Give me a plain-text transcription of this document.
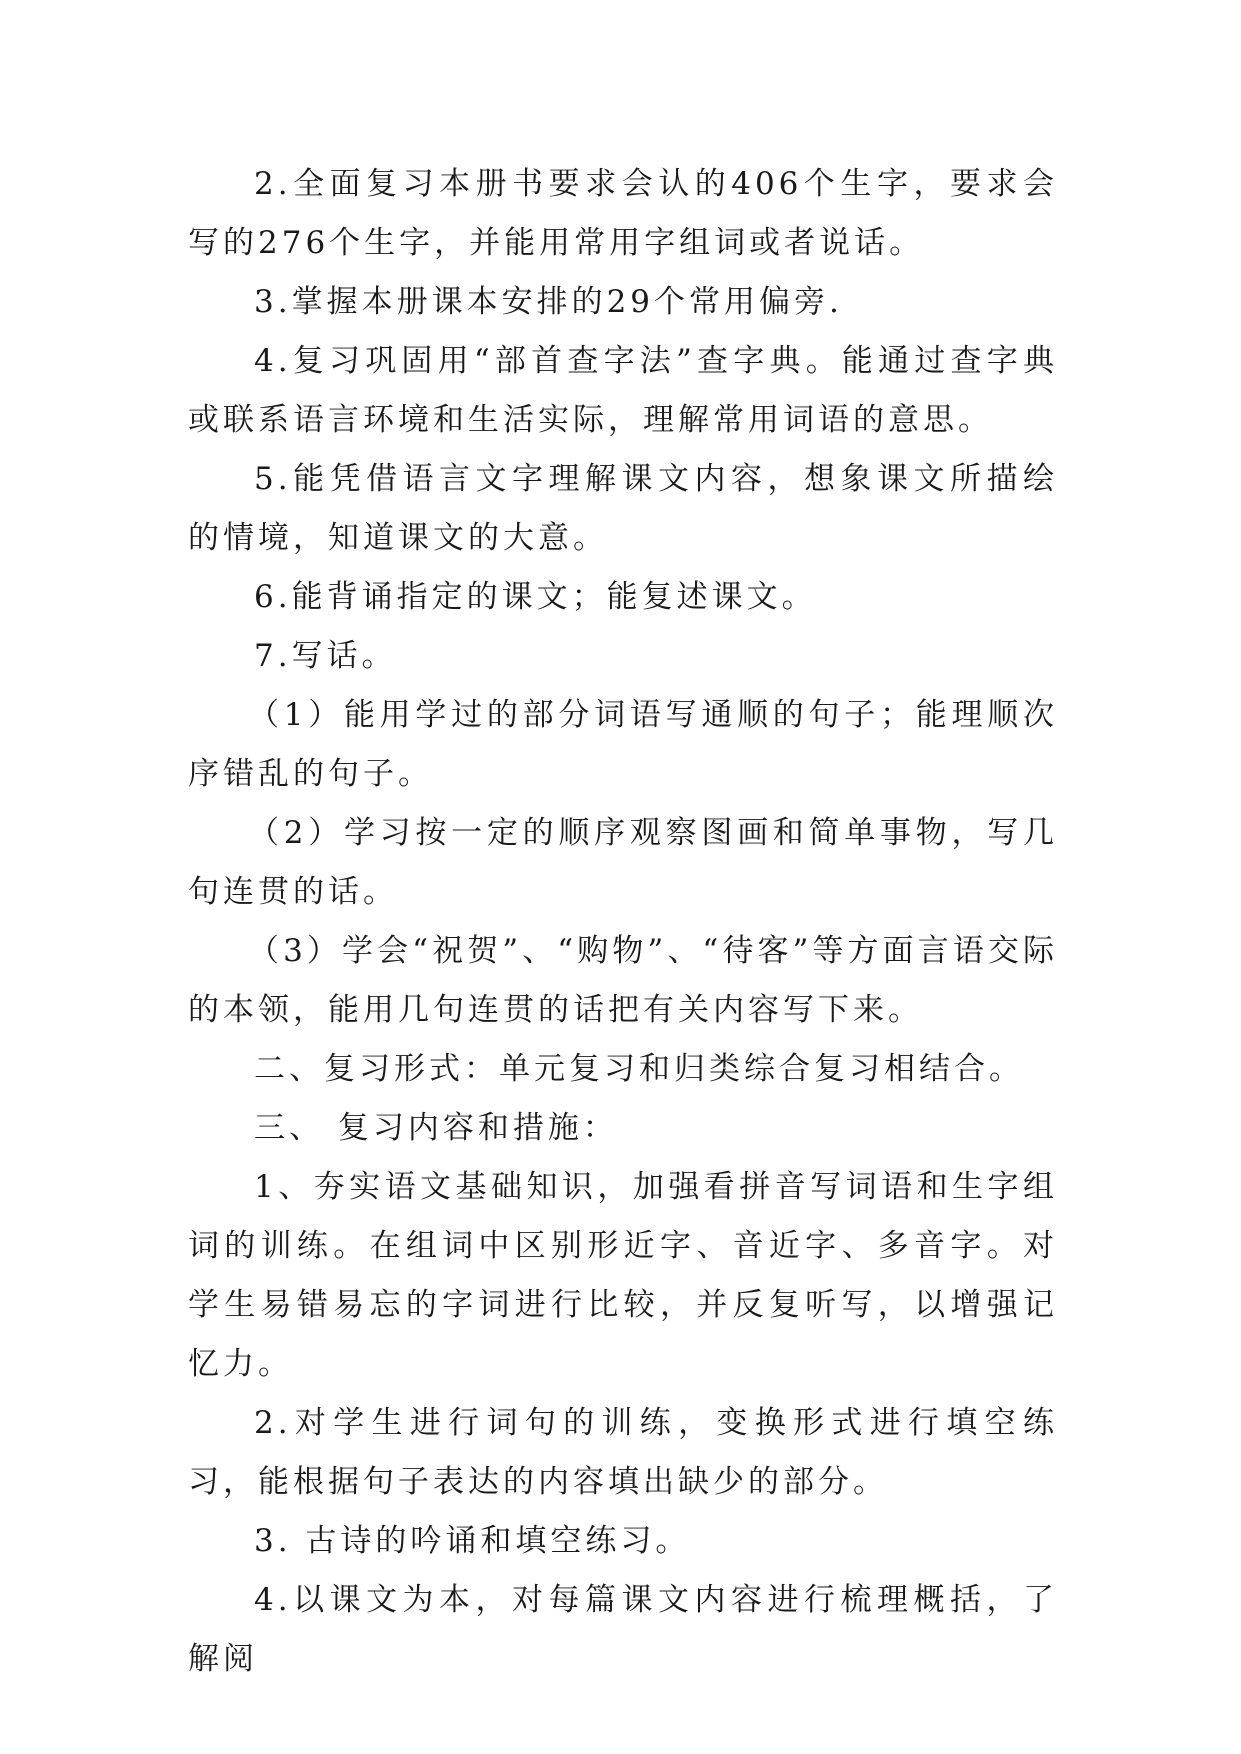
2.全面复习本册书要求会认的406个生字，要求会写的276个生字，并能用常用字组词或者说话。

3.掌握本册课本安排的29个常用偏旁.

4.复习巩固用“部首查字法”查字典。能通过查字典或联系语言环境和生活实际，理解常用词语的意思。

5.能凭借语言文字理解课文内容，想象课文所描绘的情境，知道课文的大意。

6.能背诵指定的课文；能复述课文。

7.写话。

（1）能用学过的部分词语写通顺的句子；能理顺次序错乱的句子。

（2）学习按一定的顺序观察图画和简单事物，写几句连贯的话。

（3）学会“祝贺”、“购物”、“待客”等方面言语交际的本领，能用几句连贯的话把有关内容写下来。

二、复习形式：单元复习和归类综合复习相结合。

三、 复习内容和措施：

1、夯实语文基础知识，加强看拼音写词语和生字组词的训练。在组词中区别形近字、音近字、多音字。对学生易错易忘的字词进行比较，并反复听写，以增强记忆力。

2.对学生进行词句的训练，变换形式进行填空练习，能根据句子表达的内容填出缺少的部分。

3. 古诗的吟诵和填空练习。

4.以课文为本，对每篇课文内容进行梳理概括，了解阅
